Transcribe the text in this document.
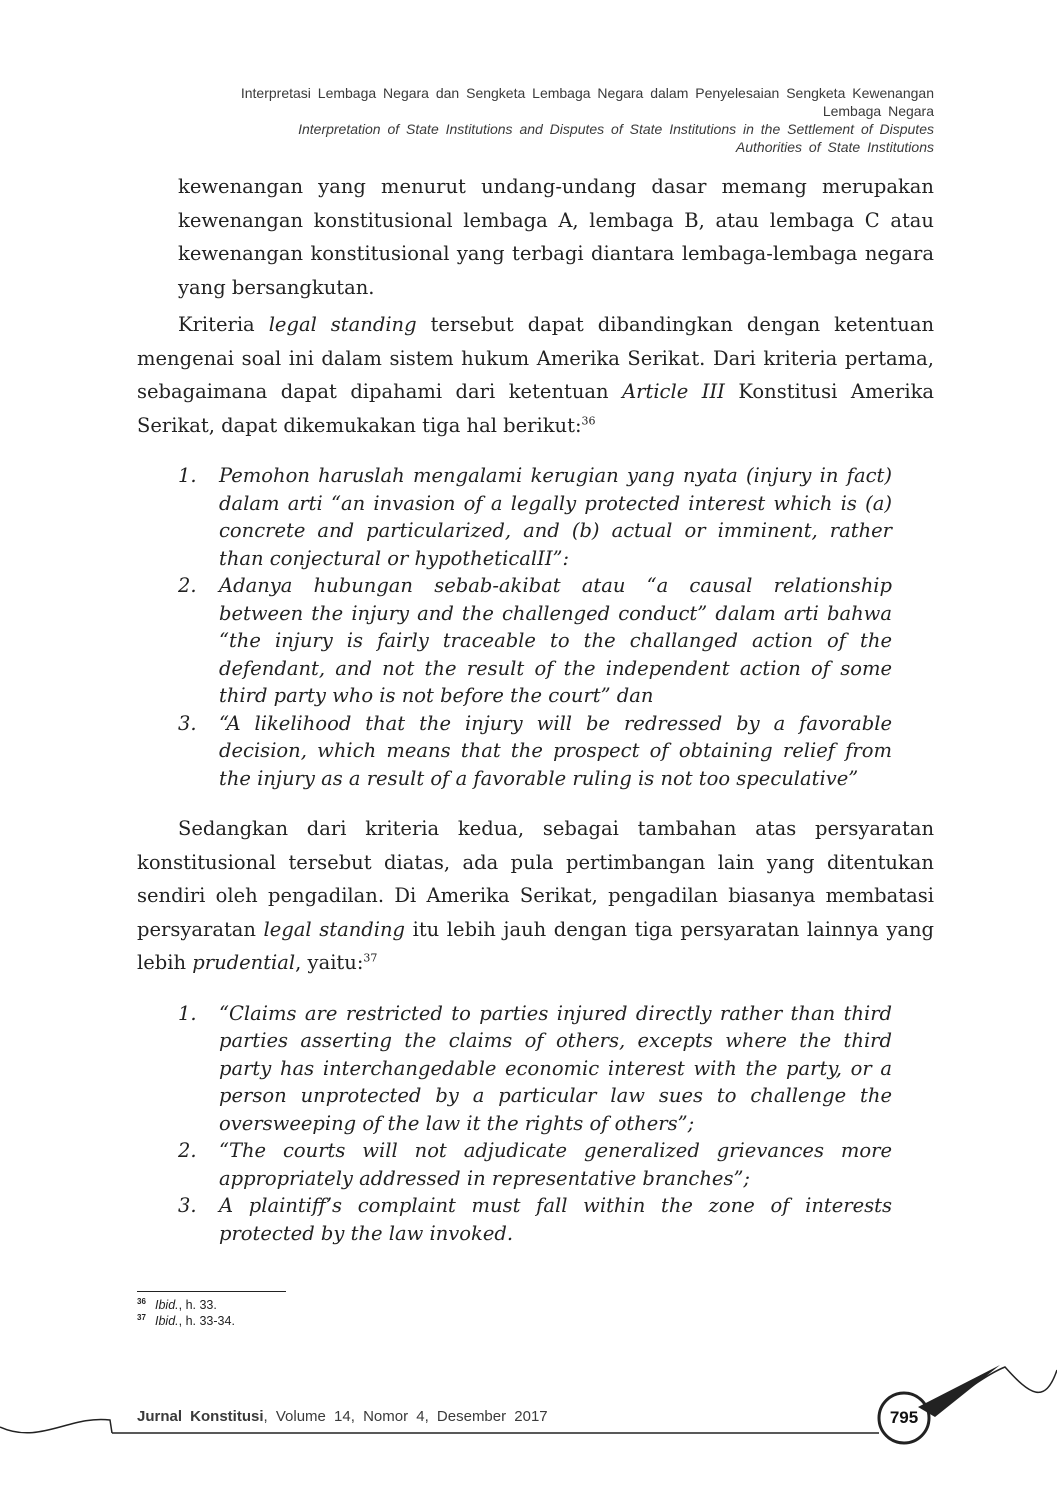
Interpretasi Lembaga Negara dan Sengketa Lembaga Negara dalam Penyelesaian Sengketa Kewenangan
Lembaga Negara
Interpretation of State Institutions and Disputes of State Institutions in the Settlement of Disputes
Authorities of State Institutions

kewenangan yang menurut undang-undang dasar memang merupakan kewenangan konstitusional lembaga A, lembaga B, atau lembaga C atau kewenangan konstitusional yang terbagi diantara lembaga-lembaga negara yang bersangkutan.

Kriteria legal standing tersebut dapat dibandingkan dengan ketentuan mengenai soal ini dalam sistem hukum Amerika Serikat. Dari kriteria pertama, sebagaimana dapat dipahami dari ketentuan Article III Konstitusi Amerika Serikat, dapat dikemukakan tiga hal berikut:$^{36}$

1.	Pemohon haruslah mengalami kerugian yang nyata (injury in fact) dalam arti “an invasion of a legally protected interest which is (a) concrete and particularized, and (b) actual or imminent, rather than conjectural or hypotheticalII”:
2.	Adanya hubungan sebab-akibat atau “a causal relationship between the injury and the challenged conduct” dalam arti bahwa “the injury is fairly traceable to the challanged action of the defendant, and not the result of the independent action of some third party who is not before the court” dan
3.	“A likelihood that the injury will be redressed by a favorable decision, which means that the prospect of obtaining relief from the injury as a result of a favorable ruling is not too speculative”

Sedangkan dari kriteria kedua, sebagai tambahan atas persyaratan konstitusional tersebut diatas, ada pula pertimbangan lain yang ditentukan sendiri oleh pengadilan. Di Amerika Serikat, pengadilan biasanya membatasi persyaratan legal standing itu lebih jauh dengan tiga persyaratan lainnya yang lebih prudential, yaitu:$^{37}$

1.	“Claims are restricted to parties injured directly rather than third parties asserting the claims of others, excepts where the third party has interchangedable economic interest with the party, or a person unprotected by a particular law sues to challenge the oversweeping of the law it the rights of others”;
2.	“The courts will not adjudicate generalized grievances more appropriately addressed in representative branches”;
3.	A plaintiff’s complaint must fall within the zone of interests protected by the law invoked.
36 Ibid., h. 33.
37 Ibid., h. 33-34.
Jurnal Konstitusi, Volume 14, Nomor 4, Desember 2017	795
